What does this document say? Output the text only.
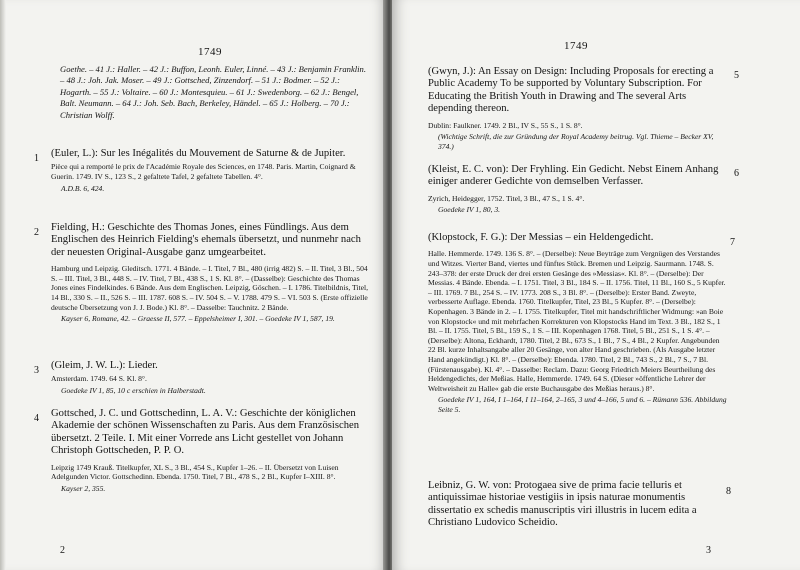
1749

Goethe. – 41 J.: Haller. – 42 J.: Buffon, Leonh. Euler, Linné. – 43 J.: Benjamin Franklin. – 48 J.: Joh. Jak. Moser. – 49 J.: Gottsched, Zinzendorf. – 51 J.: Bodmer. – 52 J.: Hogarth. – 55 J.: Voltaire. – 60 J.: Montesquieu. – 61 J.: Swedenborg. – 62 J.: Bengel, Balt. Neumann. – 64 J.: Joh. Seb. Bach, Berkeley, Händel. – 65 J.: Holberg. – 70 J.: Christian Wolff.

1 (Euler, L.): Sur les Inégalités du Mouvement de Saturne & de Jupiter.

Pièce qui a remporté le prix de l'Académie Royale des Sciences, en 1748. Paris. Martin, Coignard & Guerin. 1749. IV S., 123 S., 2 gefaltete Tafel, 2 gefaltete Tabellen. 4°.

A.D.B. 6, 424.

2 Fielding, H.: Geschichte des Thomas Jones, eines Fündlings. Aus dem Englischen des Heinrich Fielding's ehemals übersetzt, und nunmehr nach der neuesten Original-Ausgabe ganz umgearbeitet.

Hamburg und Leipzig. Gleditsch. 1771. 4 Bände. – I. Titel, 7 Bl., 480 (irrig 482) S. – II. Titel, 3 Bl., 504 S. – III. Titel, 3 Bl., 448 S. – IV. Titel, 7 Bl., 438 S., 1 S. Kl. 8°. – (Dasselbe): Geschichte des Thomas Jones eines Findelkindes. 6 Bände. Aus dem Englischen. Leipzig, Göschen. – I. 1786. Titelbildnis, Titel, 14 Bl., 330 S. – II., 526 S. – III. 1787. 608 S. – IV. 504 S. – V. 1788. 479 S. – VI. 503 S. (Erste offizielle deutsche Übersetzung von J. J. Bode.) Kl. 8°. – Dasselbe: Tauchnitz. 2 Bände.

Kayser 6, Romane, 42. – Graesse II, 577. – Eppelsheimer I, 301. – Goedeke IV 1, 587, 19.

3 (Gleim, J. W. L.): Lieder.

Amsterdam. 1749. 64 S. Kl. 8°.

Goedeke IV 1, 85, 10 c erschien in Halberstadt.

4 Gottsched, J. C. und Gottschedinn, L. A. V.: Geschichte der königlichen Akademie der schönen Wissenschaften zu Paris. Aus dem Französischen übersetzt. 2 Teile. I. Mit einer Vorrede ans Licht gestellet von Johann Christoph Gottscheden, P. P. O.

Leipzig 1749 Krauß. Titelkupfer, XL S., 3 Bl., 454 S., Kupfer 1–26. – II. Übersetzt von Luisen Adelgunden Victor. Gottschedinn. Ebenda. 1750. Titel, 7 Bl., 478 S., 2 Bl., Kupfer I–XIII. 8°.

Kayser 2, 355.

2
1749

(Gwyn, J.): An Essay on Design: Including Proposals for erecting a Public Academy To be supported by Voluntary Subscription. For Educating the British Youth in Drawing and The several Arts depending thereon.

Dublin: Faulkner. 1749. 2 Bl., IV S., 55 S., 1 S. 8°.

(Wichtige Schrift, die zur Gründung der Royal Academy beitrug. Vgl. Thieme – Becker XV, 374.)

5

(Kleist, E. C. von): Der Fryhling. Ein Gedicht. Nebst Einem Anhang einiger anderer Gedichte von demselben Verfasser.

Zyrich, Heidegger, 1752. Titel, 3 Bl., 47 S., 1 S. 4°.

Goedeke IV 1, 80, 3.

6

(Klopstock, F. G.): Der Messias – ein Heldengedicht.

Halle. Hemmerde. 1749. 136 S. 8°. – (Derselbe): Neue Beyträge zum Vergnügen des Verstandes und Witzes. Vierter Band, viertes und fünftes Stück. Bremen und Leipzig. Saurmann. 1748. S. 243–378: der erste Druck der drei ersten Gesänge des »Messias«. Kl. 8°. – (Derselbe): Der Messias. 4 Bände. Ebenda. – I. 1751. Titel, 3 Bl., 184 S. – II. 1756. Titel, 11 Bl., 160 S., 5 Kupfer. – III. 1769. 7 Bl., 254 S. – IV. 1773. 208 S., 3 Bl. 8°. – (Derselbe): Erster Band. Zweyte, verbesserte Auflage. Ebenda. 1760. Titelkupfer, Titel, 23 Bl., 5 Kupfer. 8°. – (Derselbe): Kopenhagen. 3 Bände in 2. – I. 1755. Titelkupfer, Titel mit handschriftlicher Widmung: »an Boie von Klopstock« und mit mehrfachen Korrekturen von Klopstocks Hand im Text. 3 Bl., 182 S., 1 Bl. – II. 1755. Titel, 5 Bl., 159 S., 1 S. – III. Kopenhagen 1768. Titel, 5 Bl., 251 S., 1 S. 4°. – (Derselbe): Altona, Eckhardt, 1780. Titel, 2 Bl., 673 S., 1 Bl., 7 S., 4 Bl., 2 Kupfer. Angebunden 22 Bl. kurze Inhaltsangabe aller 20 Gesänge, von alter Hand geschrieben. (Als Ausgabe letzter Hand angekündigt.) Kl. 8°. – (Derselbe): Ebenda. 1780. Titel, 2 Bl., 743 S., 2 Bl., 7 S., 7 Bl. (Fürstenausgabe). Kl. 4°. – Dasselbe: Reclam. Dazu: Georg Friedrich Meiers Beurtheilung des Heldengedichts, der Meßias. Halle, Hemmerde. 1749. 64 S. (Dieser »öffentliche Lehrer der Weltweisheit zu Halle« gab die erste Buchausgabe des Meßias heraus.) 8°.

Goedeke IV 1, 164, I 1–164, I 11–164, 2–165, 3 und 4–166, 5 und 6. – Rümann 536. Abbildung Seite 5.

7

Leibniz, G. W. von: Protogaea sive de prima facie telluris et antiquissimae historiae vestigiis in ipsis naturae monumentis dissertatio ex schedis manuscriptis viri illustris in lucem edita a Christiano Ludovico Scheidio.

8
3
